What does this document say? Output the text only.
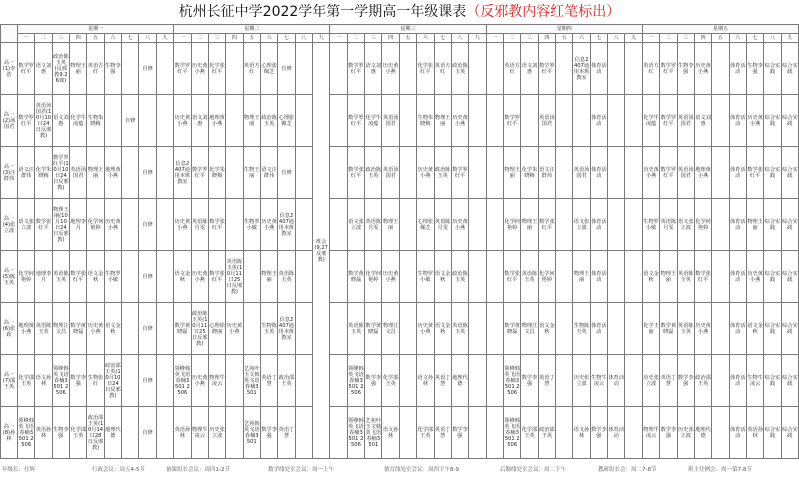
杭州长征中学2022学年第一学期高一年级课表（反邪教内容红笔标出）
	星期一									星期二									星期三									星期四									星期五								
	一	二	三	四	五	六	七	八	九	一	二	三	四	五	六	七	八	九	一	二	三	四	五	六	七	八	九	一	二	三	四	五	六	七	八	九	一	二	三	四	五	六	七	八	九
高一(1)李浩	数学罗红平	语文刘惠	政治陈玉英(反邪教9.26课)	物理王丽	英语方红	生物李强		自修		数学罗红平	历史黄小燕	化学张红平		英语方红	心理张佩芝	自修		班会(9.27反邪教)		数学罗红平	语文刘惠	历史黄小燕		化学张红平	英语方红	政治陈玉英			英语方红	语文刘惠	数学罗红平		信息2407通用本班教室	体育活动			英语方红	数学罗红平	生物李强	历史黄小燕		体育活动	生物李强	综合实践	综合实践
高一(2)汤国君	数学罗红平	英语汤国君(10月10日24日反邪教)	语文刘惠	化学牛凌蕴	生物朱晓梅		自修			历史黄小燕	语文刘惠	地理黄小燕		物理王丽	政治陈玉英	心理张佩芝				数学罗红平	化学牛凌蕴	英语汤国君		生物朱晓梅	物理王丽	历史黄小燕			数学罗红平		英语汤国君			体育活动			化学牛凌蕴	数学罗红平	英语汤国君	语文刘惠		体育活动	历史黄小燕	综合实践	综合实践
高一(3)汪群伟	语文汪群伟	化学朱晓梅	数学罗红平(10月10日24日反邪教)	英语汤国君	物理王丽	地理黄小燕		自修		信息2407通用本班教室	数学罗红平	化学朱晓梅		生物王丽	语文汪群伟	自修				数学张红平	政治陈玉英	英语汤国君		历史黄小燕	政治陈玉英	数学罗红平			物理王丽	化学朱晓梅	语文汪群伟		英语汤国君	体育活动			历史黄小燕	数学罗红平	英语汤国君	地理黄小燕		体育活动	数学张红平	综合实践	综合实践
高一(4)张立波	语文张立波	数学张红平	物理王丽(10月10日24日反邪教)	地理李月	化学何艳婷	历史黄小燕		自修		历史黄小燕	英语陈月雯	数学张红平		生物罗小敏	历史黄小燕	信息2407通用本班教室				语文张立波	英语陈月雯	物理王丽		心理张佩芝	英语陈月雯	历史黄小燕			化学何艳婷	物理王丽	数学张红平		语文张立波	体育活动			生物罗小敏	英语陈月雯	语文张立波	化学何艳婷		体育活动	物理王丽	综合实践	综合实践
高一(5)陈玉英	化学何艳婷	地理李月	英语陈玉英	数学张红平	语文金秋	生物罗小敏		自修		语文金秋	历史黄小燕	数学张红平	英语陈玉英(10月11日25日反邪教)		物理王丽	英语陈玉英				数学黄晓磊	化学何艳婷	历史黄小燕		生物罗小敏	语文金秋	政治陈玉英			数学张红平	英语陈玉英	化学何艳婷		物理王丽	体育活动			语文金秋	物理王丽	英语陈玉英	数学张红平		体育活动	历史黄小燕	综合实践	综合实践
高一(6)张跃	地理黄小燕	英语陈玉英	物理江文昌	数学黄晓磊	历史黄小燕	语文金秋		自修		数学黄晓磊	政治陈玉英(10月11日25日反邪教)	心理徐晓丽	历史黄小燕		生物陈玉英	信息2407通用本班教室				英语陈玉英	数学黄晓磊	物理江文昌		历史黄小燕	语文金秋	英语陈玉英			数学黄晓磊	物理江文昌	语文金秋		生物陈玉英	体育活动			化学王丽	数学黄晓磊	英语陈玉英	历史黄小燕		体育活动	语文金秋	综合实践	综合实践
高一(7)邵王英	化学邵王英	语文孙林	领峰韩英飞语春楠3501 2506	数学李强	生物张红	政治邵王英(10月10日24日反邪教)		自修		领峰韩英飞语春楠3501 2506	历史黄小燕	物理牛凌云		艺苑叶玉文韩英飞语春楠3501	英语丁慧	政治邵王英				领峰韩英飞语春楠3501 2506	数学李强	化学邵王英		语文孙林	英语丁慧	地理代德			领峰韩英飞语春楠3501 2506	数学李强	英语丁慧		历史张立波	生物牛凌云	体育活动		历史张立波	英语丁慧	数学李强	政治邵王英		体育活动	生物牛凌云	综合实践	综合实践
高一(8)孙林	领峰韩英飞语春楠3501 2506	英语孙林	生物李强	化学邵王英	政治邵王英(10月14日28日反邪教)	地理代德		自修		英语孙林	物理牛凌云	历史张立波		艺苑韩英飞语春楠3501	数学李强	英语丁慧				领峰韩英飞语春楠3501 2506	艺苑叶玉文韩英飞语春楠3501	语文孙林		化学邵王英	英语丁慧	数学李强			领峰韩英飞语春楠3501 2506	化学邵王英	政治邵王英		语文孙林	数学李强	体育活动		物理牛凌云	数学李强	历史张立波	地理代德		体育活动	英语孙林	综合实践	综合实践
年级长：任辉	行政会议：周五4-5节	备课组长会议：周四1-2节	数学线处室会议：周一上午	德育线处室会议：周四下午8-9	后勤线处室会议：周二下午	教研组长会：周二7-8节	班主任例会：周一第7-8节
